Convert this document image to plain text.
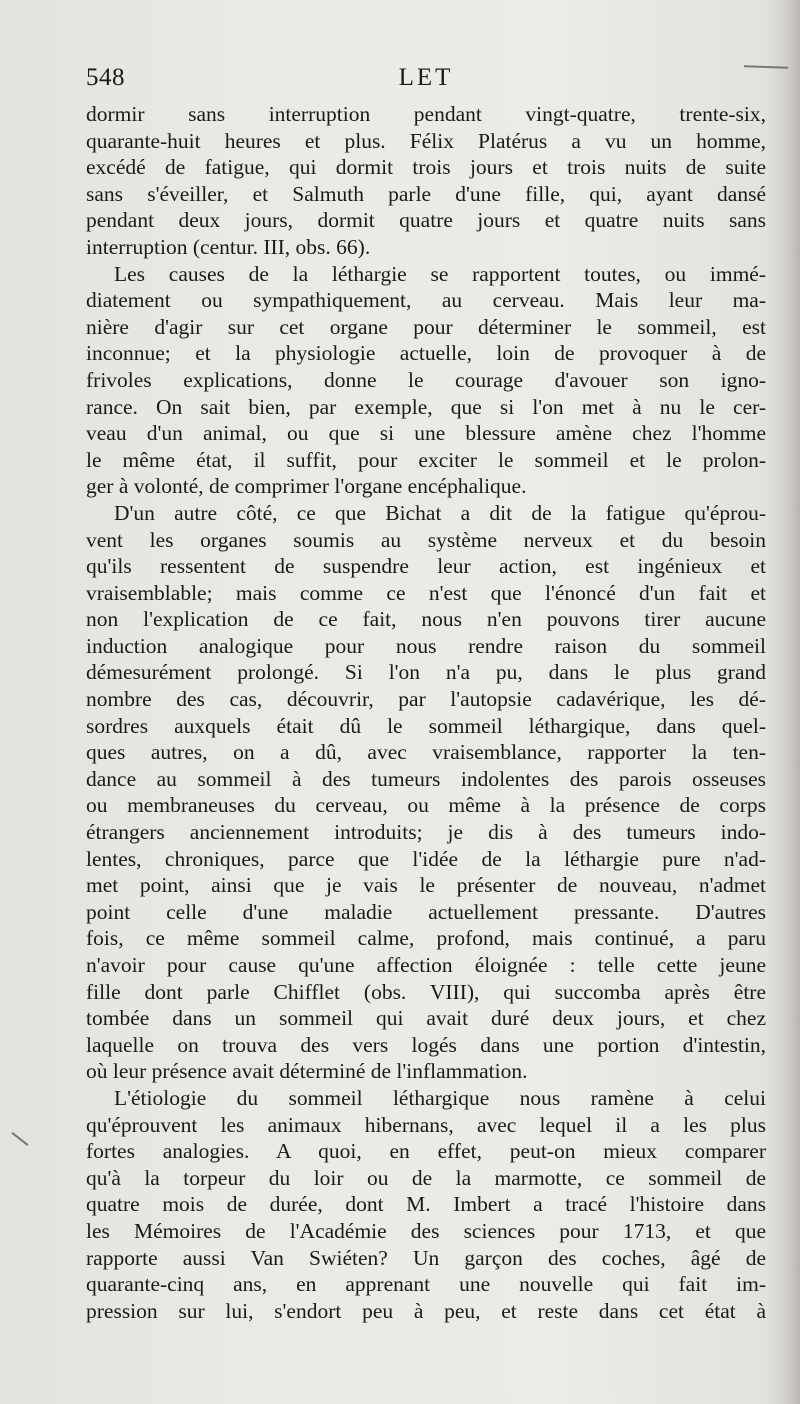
548	LET
dormir sans interruption pendant vingt-quatre, trente-six,
quarante-huit heures et plus. Félix Platérus a vu un homme,
excédé de fatigue, qui dormit trois jours et trois nuits de suite
sans s'éveiller, et Salmuth parle d'une fille, qui, ayant dansé
pendant deux jours, dormit quatre jours et quatre nuits sans
interruption (centur. III, obs. 66).
Les causes de la léthargie se rapportent toutes, ou immé-
diatement ou sympathiquement, au cerveau. Mais leur ma-
nière d'agir sur cet organe pour déterminer le sommeil, est
inconnue; et la physiologie actuelle, loin de provoquer à de
frivoles explications, donne le courage d'avouer son igno-
rance. On sait bien, par exemple, que si l'on met à nu le cer-
veau d'un animal, ou que si une blessure amène chez l'homme
le même état, il suffit, pour exciter le sommeil et le prolon-
ger à volonté, de comprimer l'organe encéphalique.
D'un autre côté, ce que Bichat a dit de la fatigue qu'éprou-
vent les organes soumis au système nerveux et du besoin
qu'ils ressentent de suspendre leur action, est ingénieux et
vraisemblable; mais comme ce n'est que l'énoncé d'un fait et
non l'explication de ce fait, nous n'en pouvons tirer aucune
induction analogique pour nous rendre raison du sommeil
démesurément prolongé. Si l'on n'a pu, dans le plus grand
nombre des cas, découvrir, par l'autopsie cadavérique, les dé-
sordres auxquels était dû le sommeil léthargique, dans quel-
ques autres, on a dû, avec vraisemblance, rapporter la ten-
dance au sommeil à des tumeurs indolentes des parois osseuses
ou membraneuses du cerveau, ou même à la présence de corps
étrangers anciennement introduits; je dis à des tumeurs indo-
lentes, chroniques, parce que l'idée de la léthargie pure n'ad-
met point, ainsi que je vais le présenter de nouveau, n'admet
point celle d'une maladie actuellement pressante. D'autres
fois, ce même sommeil calme, profond, mais continué, a paru
n'avoir pour cause qu'une affection éloignée : telle cette jeune
fille dont parle Chifflet (obs. VIII), qui succomba après être
tombée dans un sommeil qui avait duré deux jours, et chez
laquelle on trouva des vers logés dans une portion d'intestin,
où leur présence avait déterminé de l'inflammation.
L'étiologie du sommeil léthargique nous ramène à celui
qu'éprouvent les animaux hibernans, avec lequel il a les plus
fortes analogies. A quoi, en effet, peut-on mieux comparer
qu'à la torpeur du loir ou de la marmotte, ce sommeil de
quatre mois de durée, dont M. Imbert a tracé l'histoire dans
les Mémoires de l'Académie des sciences pour 1713, et que
rapporte aussi Van Swiéten? Un garçon des coches, âgé de
quarante-cinq ans, en apprenant une nouvelle qui fait im-
pression sur lui, s'endort peu à peu, et reste dans cet état à
